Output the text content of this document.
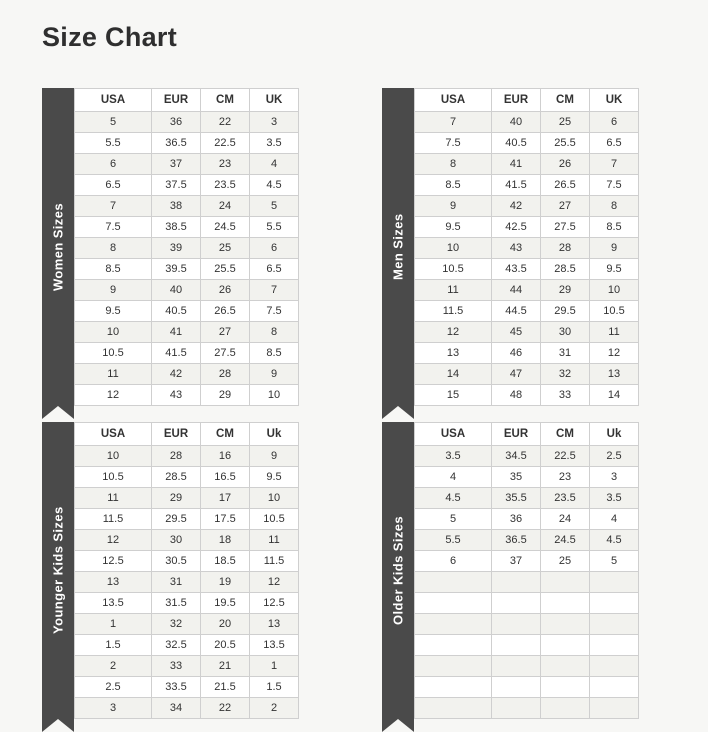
Size Chart
Women Sizes
USA	EUR	CM	UK
5	36	22	3
5.5	36.5	22.5	3.5
6	37	23	4
6.5	37.5	23.5	4.5
7	38	24	5
7.5	38.5	24.5	5.5
8	39	25	6
8.5	39.5	25.5	6.5
9	40	26	7
9.5	40.5	26.5	7.5
10	41	27	8
10.5	41.5	27.5	8.5
11	42	28	9
12	43	29	10
Men Sizes
USA	EUR	CM	UK
7	40	25	6
7.5	40.5	25.5	6.5
8	41	26	7
8.5	41.5	26.5	7.5
9	42	27	8
9.5	42.5	27.5	8.5
10	43	28	9
10.5	43.5	28.5	9.5
11	44	29	10
11.5	44.5	29.5	10.5
12	45	30	11
13	46	31	12
14	47	32	13
15	48	33	14
Younger Kids Sizes
USA	EUR	CM	Uk
10	28	16	9
10.5	28.5	16.5	9.5
11	29	17	10
11.5	29.5	17.5	10.5
12	30	18	11
12.5	30.5	18.5	11.5
13	31	19	12
13.5	31.5	19.5	12.5
1	32	20	13
1.5	32.5	20.5	13.5
2	33	21	1
2.5	33.5	21.5	1.5
3	34	22	2
Older Kids Sizes
USA	EUR	CM	Uk
3.5	34.5	22.5	2.5
4	35	23	3
4.5	35.5	23.5	3.5
5	36	24	4
5.5	36.5	24.5	4.5
6	37	25	5
